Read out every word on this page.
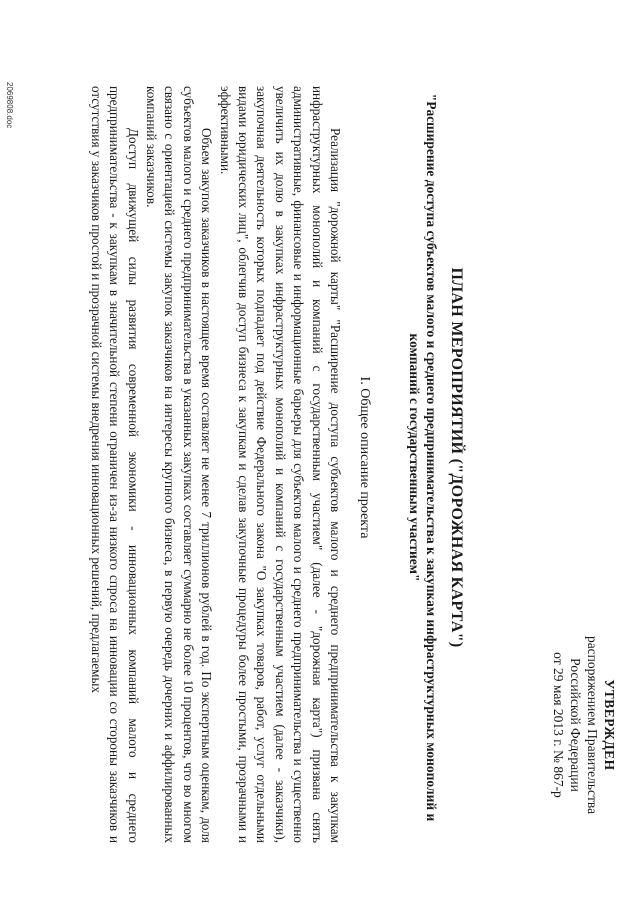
УТВЕРЖДЕН
распоряжением Правительства
Российской Федерации
от 29 мая 2013 г. № 867-р
ПЛАН МЕРОПРИЯТИЙ ("ДОРОЖНАЯ КАРТА")
"Расширение доступа субъектов малого и среднего предпринимательства к закупкам инфраструктурных монополий и компаний с государственным участием"
I. Общее описание проекта

Реализация "дорожной карты" "Расширение доступа субъектов малого и среднего предпринимательства к закупкам инфраструктурных монополий и компаний с государственным участием" (далее - "дорожная карта") призвана снять административные, финансовые и информационные барьеры для субъектов малого и среднего предпринимательства и существенно увеличить их долю в закупках инфраструктурных монополий и компаний с государственным участием (далее - заказчики), закупочная деятельность которых подпадает под действие Федерального закона "О закупках товаров, работ, услуг отдельными видами юридических лиц", облегчив доступ бизнеса к закупкам и сделав закупочные процедуры более простыми, прозрачными и эффективными.

Объем закупок заказчиков в настоящее время составляет не менее 7 триллионов рублей в год. По экспертным оценкам, доля субъектов малого и среднего предпринимательства в указанных закупках составляет суммарно не более 10 процентов, что во многом связано с ориентацией системы закупок заказчиков на интересы крупного бизнеса, в первую очередь дочерних и аффилированных компаний заказчиков.

Доступ движущей силы развития современной экономики - инновационных компаний малого и среднего предпринимательства - к закупкам в значительной степени ограничен из-за низкого спроса на инновации со стороны заказчиков и отсутствия у заказчиков простой и прозрачной системы внедрения инновационных решений, предлагаемых

2069808.doc
